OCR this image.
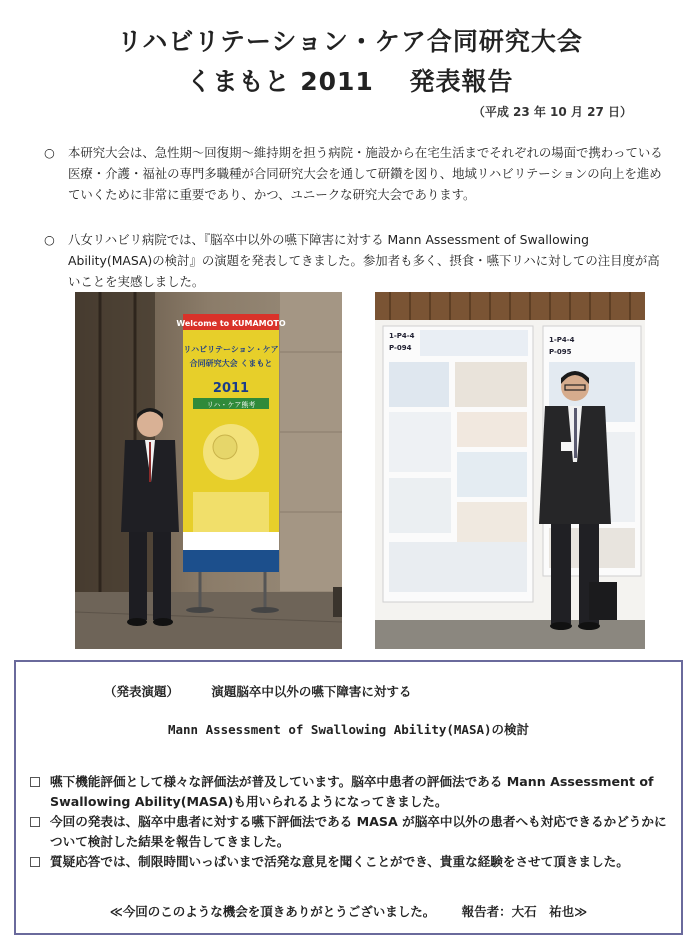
リハビリテーション・ケア合同研究大会
くまもと 2011　 発表報告
（平成 23 年 10 月 27 日）
○	本研究大会は、急性期〜回復期〜維持期を担う病院・施設から在宅生活までそれぞれの場面で携わっている医療・介護・福祉の専門多職種が合同研究大会を通して研鑽を図り、地域リハビリテーションの向上を進めていくために非常に重要であり、かつ、ユニークな研究大会であります。
○	八女リハビリ病院では、『脳卒中以外の嚥下障害に対する Mann Assessment of Swallowing Ability(MASA)の検討』の演題を発表してきました。参加者も多く、摂食・嚥下リハに対しての注目度が高いことを実感しました。
Welcome to KUMAMOTO
リハビリテーション・ケア
合同研究大会 くまもと
2011
リハ・ケア熊考
1-P4-4
P-094
1-P4-4
P-095
（発表演題）	演題脳卒中以外の嚥下障害に対する
Mann Assessment of Swallowing Ability(MASA)の検討
嚥下機能評価として様々な評価法が普及しています。脳卒中患者の評価法である Mann Assessment of Swallowing Ability(MASA)も用いられるようになってきました。
今回の発表は、脳卒中患者に対する嚥下評価法である MASA が脳卒中以外の患者へも対応できるかどうかについて検討した結果を報告してきました。
質疑応答では、制限時間いっぱいまで活発な意見を聞くことができ、貴重な経験をさせて頂きました。
≪今回のこのような機会を頂きありがとうございました。 報告者：大石　祐也≫
